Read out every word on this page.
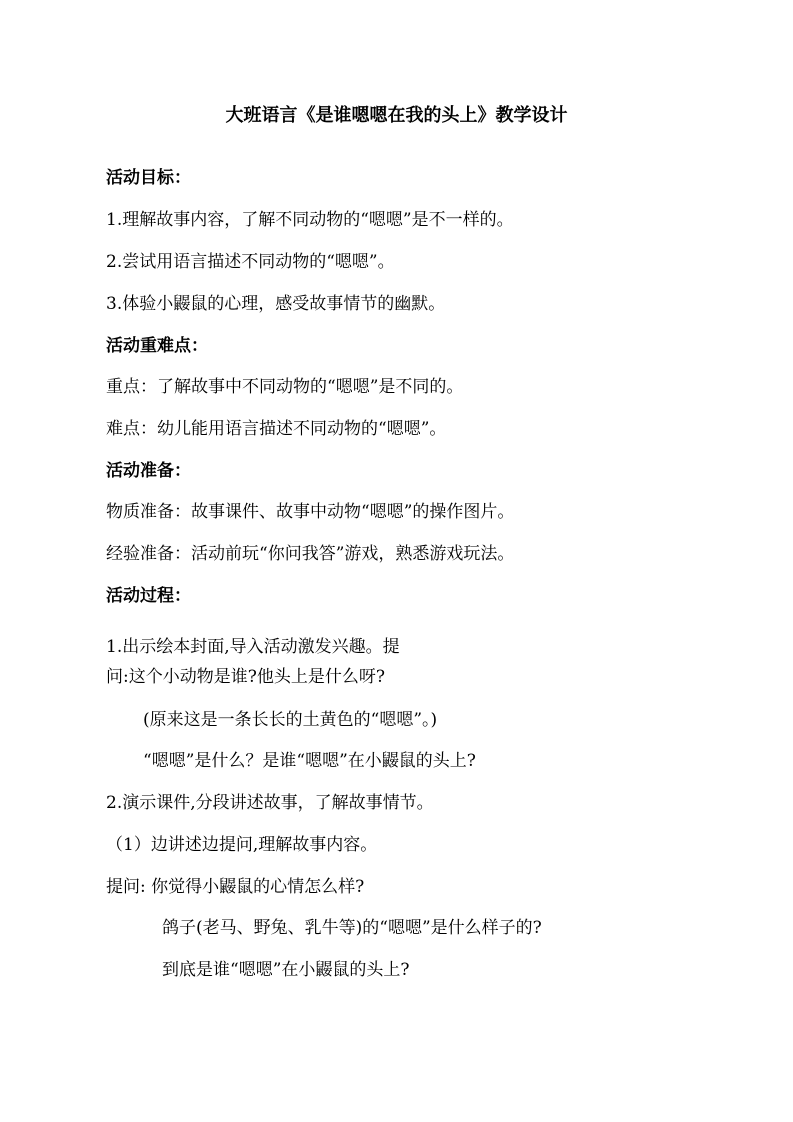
大班语言《是谁嗯嗯在我的头上》教学设计
活动目标：
1.理解故事内容，了解不同动物的“嗯嗯”是不一样的。
2.尝试用语言描述不同动物的“嗯嗯”。
3.体验小鼹鼠的心理，感受故事情节的幽默。
活动重难点：
重点：了解故事中不同动物的“嗯嗯”是不同的。
难点：幼儿能用语言描述不同动物的“嗯嗯”。
活动准备：
物质准备：故事课件、故事中动物“嗯嗯”的操作图片。
经验准备：活动前玩“你问我答”游戏，熟悉游戏玩法。
活动过程：
1.出示绘本封面,导入活动激发兴趣。提
问:这个小动物是谁?他头上是什么呀?
(原来这是一条长长的土黄色的“嗯嗯”。)
“嗯嗯”是什么？是谁“嗯嗯”在小鼹鼠的头上?
2.演示课件,分段讲述故事，了解故事情节。
（1）边讲述边提问,理解故事内容。
提问: 你觉得小鼹鼠的心情怎么样?
鸽子(老马、野兔、乳牛等)的“嗯嗯”是什么样子的?
到底是谁“嗯嗯”在小鼹鼠的头上?
